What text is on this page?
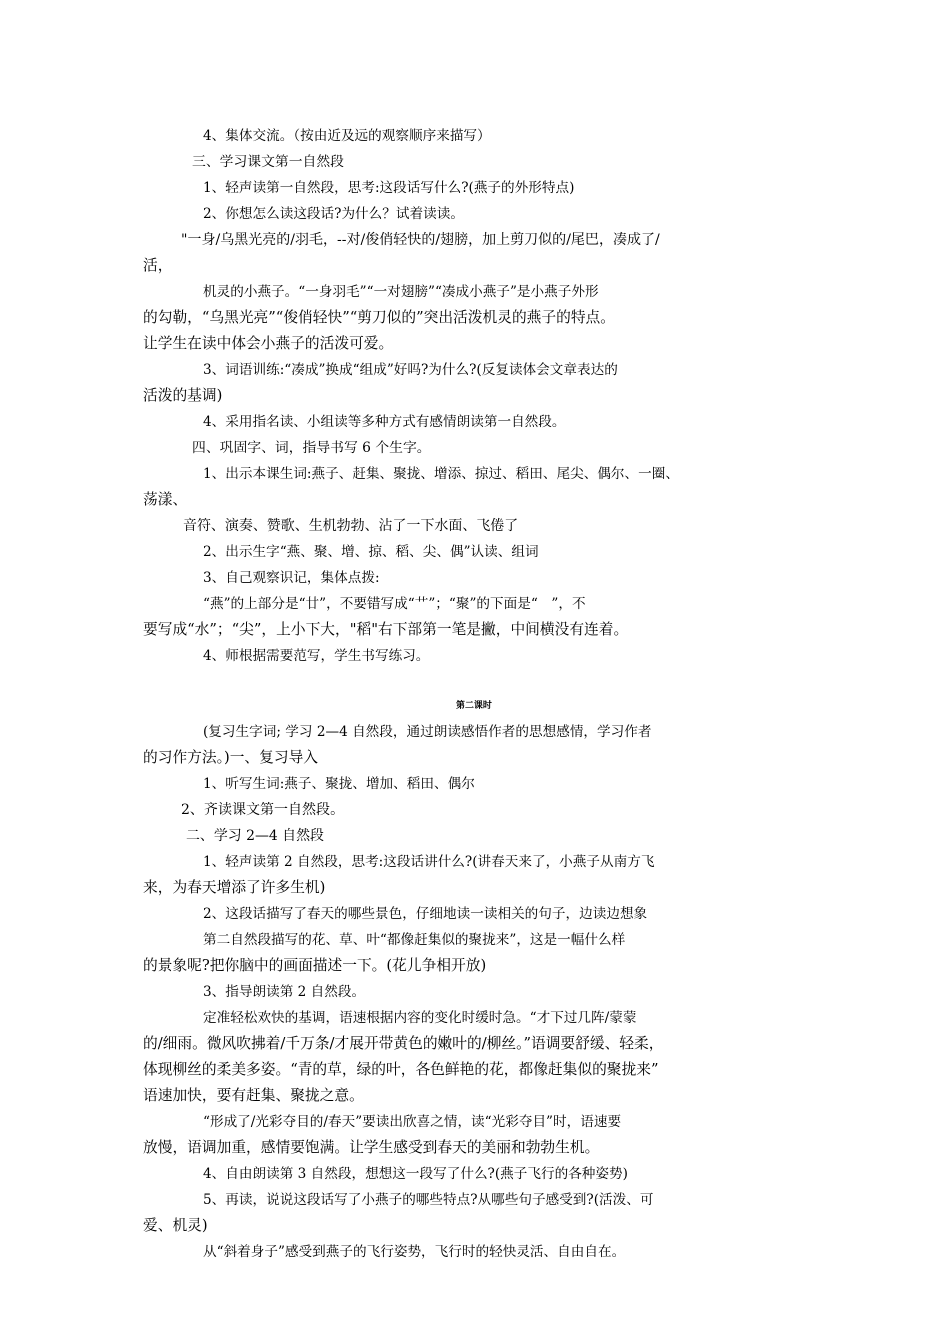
4、集体交流。（按由近及远的观察顺序来描写）
三、学习课文第一自然段
1、轻声读第一自然段，思考:这段话写什么?(燕子的外形特点)
2、你想怎么读这段话?为什么？试着读读。
"一身/乌黑光亮的/羽毛，--对/俊俏轻快的/翅膀，加上剪刀似的/尾巴，凑成了/
活，
机灵的小燕子。“一身羽毛”“一对翅膀”“凑成小燕子”是小燕子外形
的勾勒，“乌黑光亮”“俊俏轻快”“剪刀似的”突出活泼机灵的燕子的特点。
让学生在读中体会小燕子的活泼可爱。
3、词语训练:“凑成”换成“组成”好吗?为什么?(反复读体会文章表达的
活泼的基调)
4、采用指名读、小组读等多种方式有感情朗读第一自然段。
四、巩固字、词，指导书写 6 个生字。
1、出示本课生词:燕子、赶集、聚拢、增添、掠过、稻田、尾尖、偶尔、一圈、
荡漾、
音符、演奏、赞歌、生机勃勃、沾了一下水面、飞倦了
2、出示生字“燕、聚、增、掠、稻、尖、偶”认读、组词
3、自己观察识记，集体点拨:
“燕”的上部分是“廿”，不要错写成“艹”；“聚”的下面是“　”，不
要写成“水”；“尖”，上小下大，"稻"右下部第一笔是撇，中间横没有连着。
4、师根据需要范写，学生书写练习。
第二课时
(复习生字词; 学习 2—4 自然段，通过朗读感悟作者的思想感情，学习作者
的习作方法。)一、复习导入
1、听写生词:燕子、聚拢、增加、稻田、偶尔
2、齐读课文第一自然段。
二、学习 2—4 自然段
1、轻声读第 2 自然段，思考:这段话讲什么?(讲春天来了，小燕子从南方飞
来，为春天增添了许多生机)
2、这段话描写了春天的哪些景色，仔细地读一读相关的句子，边读边想象
第二自然段描写的花、草、叶“都像赶集似的聚拢来”，这是一幅什么样
的景象呢?把你脑中的画面描述一下。(花儿争相开放)
3、指导朗读第 2 自然段。
定准轻松欢快的基调，语速根据内容的变化时缓时急。“才下过几阵/蒙蒙
的/细雨。微风吹拂着/千万条/才展开带黄色的嫩叶的/柳丝。”语调要舒缓、轻柔，
体现柳丝的柔美多姿。“青的草，绿的叶，各色鲜艳的花，都像赶集似的聚拢来”
语速加快，要有赶集、聚拢之意。
“形成了/光彩夺目的/春天”要读出欣喜之情，读“光彩夺目”时，语速要
放慢，语调加重，感情要饱满。让学生感受到春天的美丽和勃勃生机。
4、自由朗读第 3 自然段，想想这一段写了什么?(燕子飞行的各种姿势)
5、再读，说说这段话写了小燕子的哪些特点?从哪些句子感受到?(活泼、可
爱、机灵)
从“斜着身子”感受到燕子的飞行姿势，飞行时的轻快灵活、自由自在。
